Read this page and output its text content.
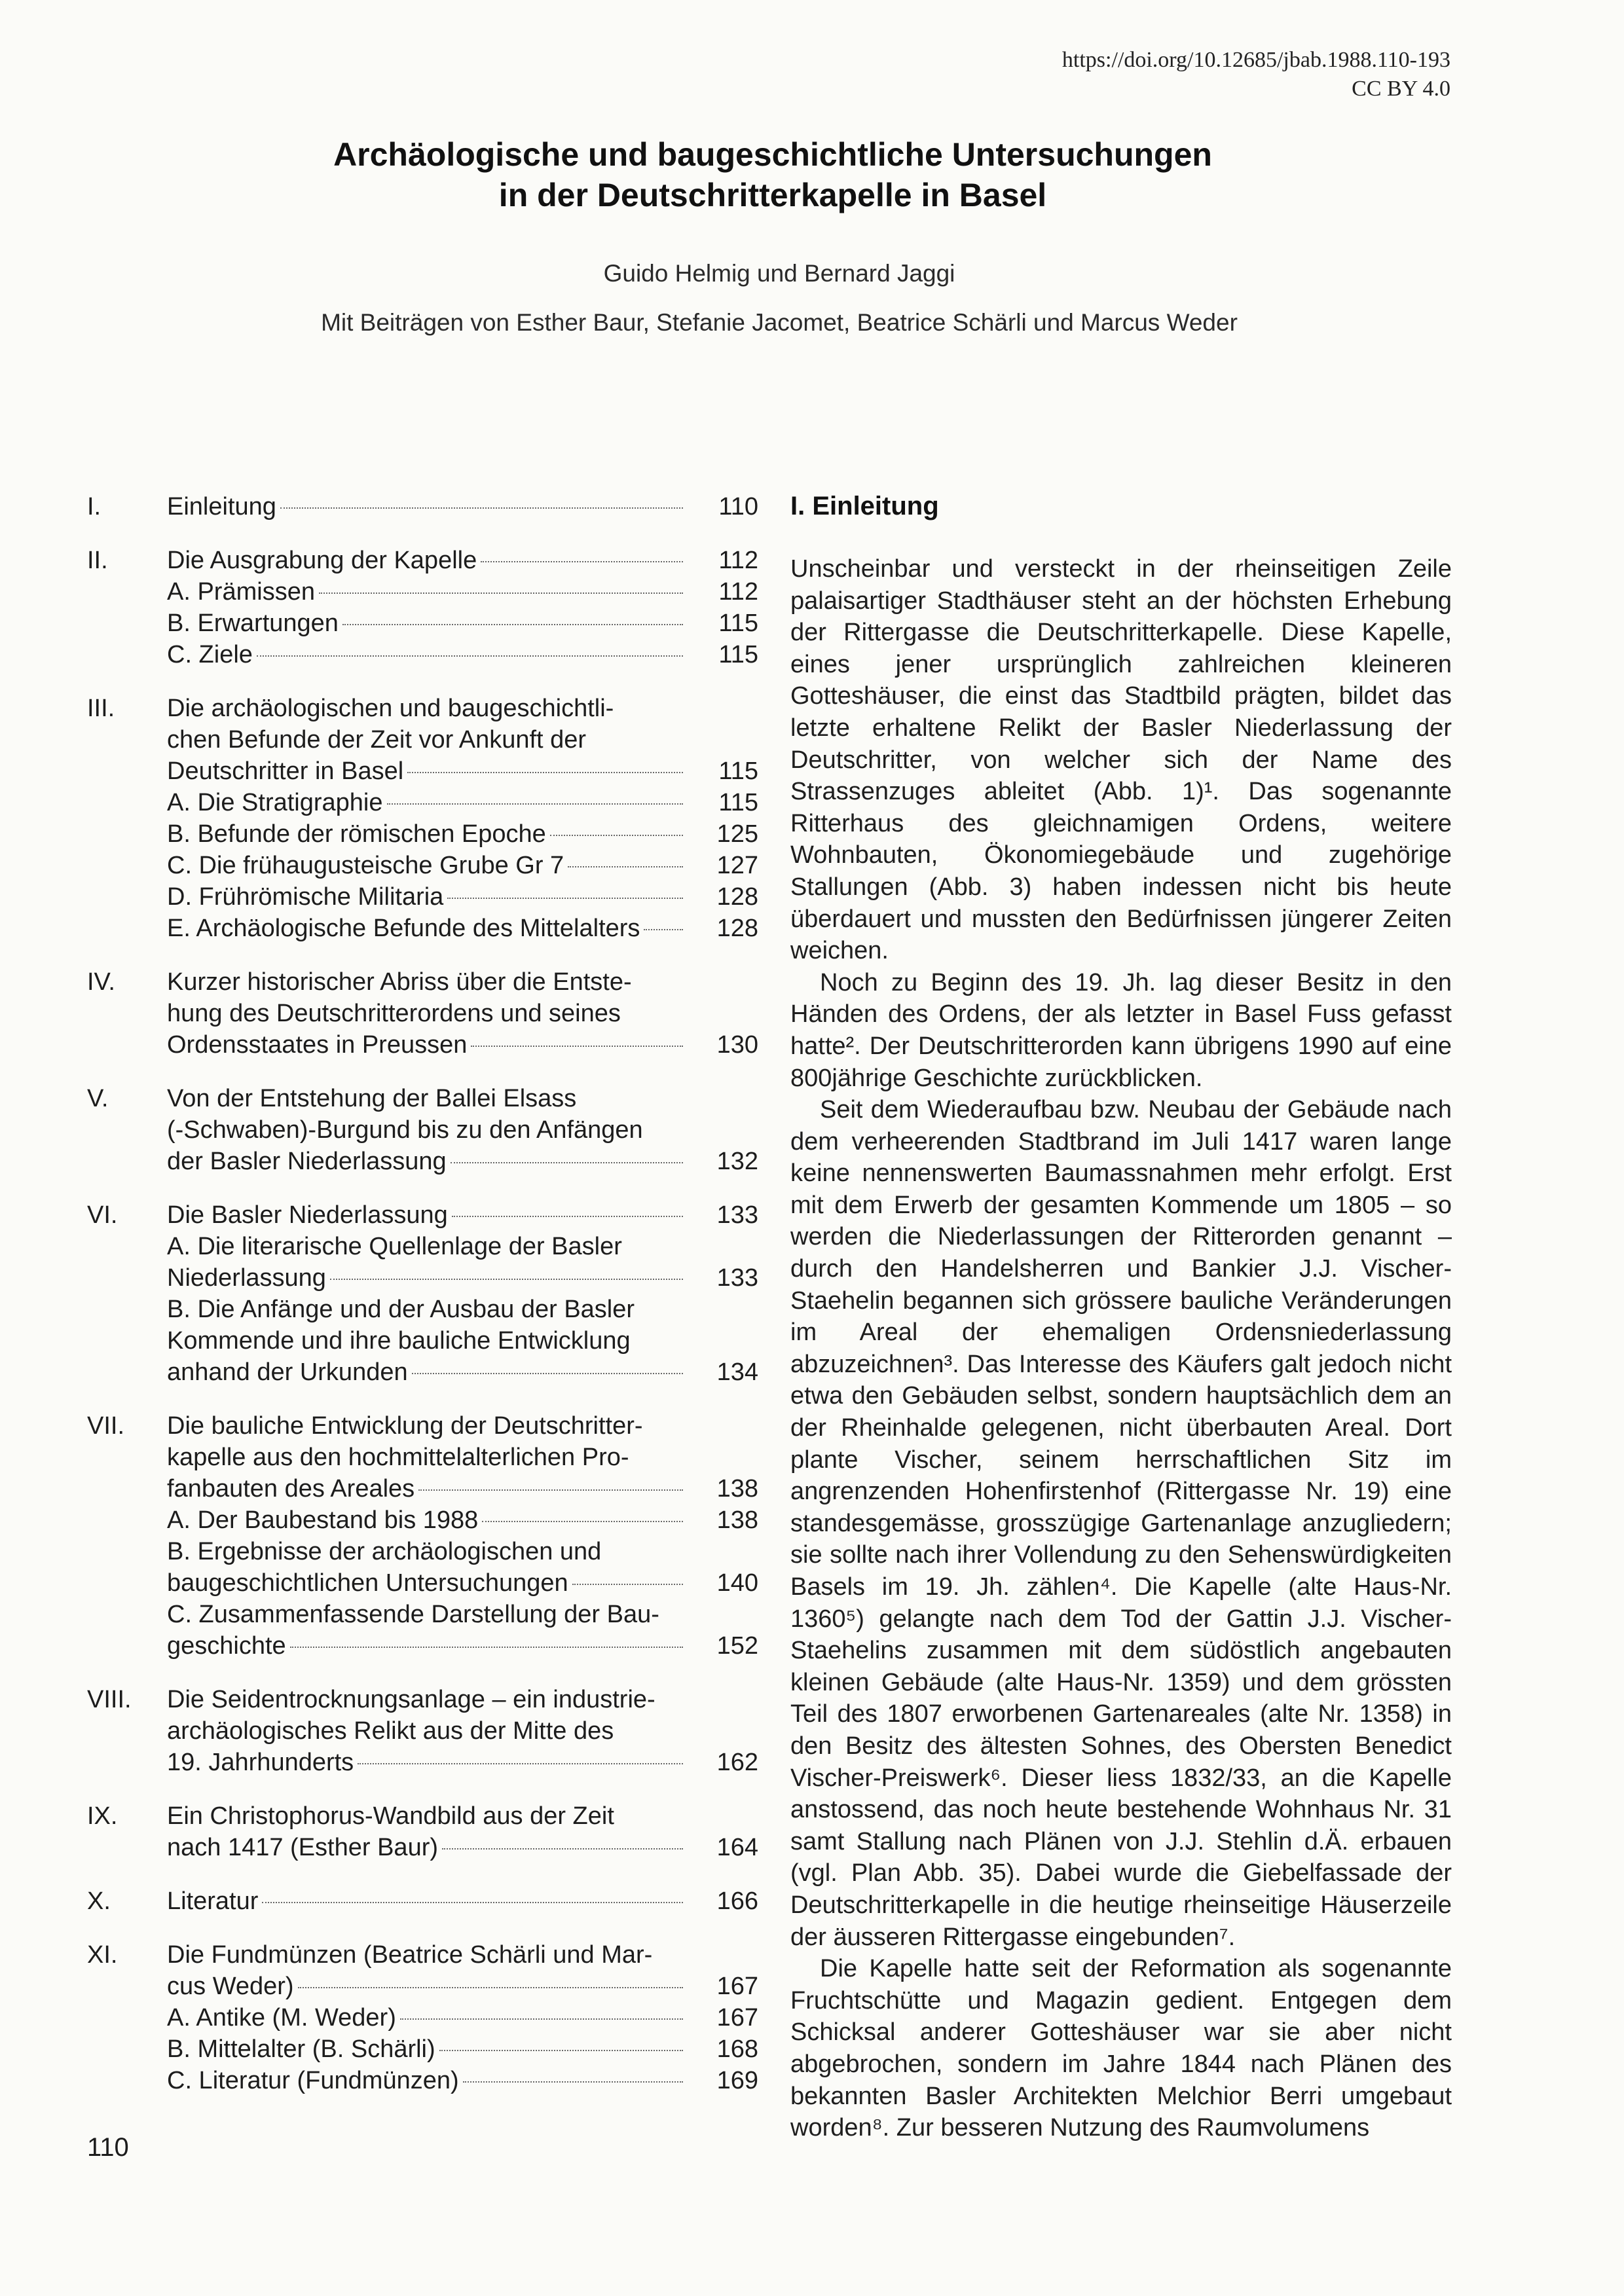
https://doi.org/10.12685/jbab.1988.110-193
CC BY 4.0
Archäologische und baugeschichtliche Untersuchungen
in der Deutschritterkapelle in Basel
Guido Helmig und Bernard Jaggi
Mit Beiträgen von Esther Baur, Stefanie Jacomet, Beatrice Schärli und Marcus Weder
I.	Einleitung	110
II.	Die Ausgrabung der Kapelle	112
A. Prämissen	112
B. Erwartungen	115
C. Ziele	115
III.	Die archäologischen und baugeschichtli-
chen Befunde der Zeit vor Ankunft der
Deutschritter in Basel	115
A. Die Stratigraphie	115
B. Befunde der römischen Epoche	125
C. Die frühaugusteische Grube Gr 7	127
D. Frührömische Militaria	128
E. Archäologische Befunde des Mittelalters	128
IV.	Kurzer historischer Abriss über die Entste-
hung des Deutschritterordens und seines
Ordensstaates in Preussen	130
V.	Von der Entstehung der Ballei Elsass
(-Schwaben)-Burgund bis zu den Anfängen
der Basler Niederlassung	132
VI.	Die Basler Niederlassung	133
A. Die literarische Quellenlage der Basler
Niederlassung	133
B. Die Anfänge und der Ausbau der Basler
Kommende und ihre bauliche Entwicklung
anhand der Urkunden	134
VII.	Die bauliche Entwicklung der Deutschritter-
kapelle aus den hochmittelalterlichen Pro-
fanbauten des Areales	138
A. Der Baubestand bis 1988	138
B. Ergebnisse der archäologischen und
baugeschichtlichen Untersuchungen	140
C. Zusammenfassende Darstellung der Bau-
geschichte	152
VIII.	Die Seidentrocknungsanlage – ein industrie-
archäologisches Relikt aus der Mitte des
19. Jahrhunderts	162
IX.	Ein Christophorus-Wandbild aus der Zeit
nach 1417 (Esther Baur)	164
X.	Literatur	166
XI.	Die Fundmünzen (Beatrice Schärli und Mar-
cus Weder)	167
A. Antike (M. Weder)	167
B. Mittelalter (B. Schärli)	168
C. Literatur (Fundmünzen)	169
I. Einleitung

Unscheinbar und versteckt in der rheinseitigen Zeile palaisartiger Stadthäuser steht an der höchsten Erhebung der Rittergasse die Deutschritterkapelle. Diese Kapelle, eines jener ursprünglich zahlreichen kleineren Gotteshäuser, die einst das Stadtbild prägten, bildet das letzte erhaltene Relikt der Basler Niederlassung der Deutschritter, von welcher sich der Name des Strassenzuges ableitet (Abb. 1)¹. Das sogenannte Ritterhaus des gleichnamigen Ordens, weitere Wohnbauten, Ökonomiegebäude und zugehörige Stallungen (Abb. 3) haben indessen nicht bis heute überdauert und mussten den Bedürfnissen jüngerer Zeiten weichen.

Noch zu Beginn des 19. Jh. lag dieser Besitz in den Händen des Ordens, der als letzter in Basel Fuss gefasst hatte². Der Deutschritterorden kann übrigens 1990 auf eine 800jährige Geschichte zurückblicken.

Seit dem Wiederaufbau bzw. Neubau der Gebäude nach dem verheerenden Stadtbrand im Juli 1417 waren lange keine nennenswerten Baumassnahmen mehr erfolgt. Erst mit dem Erwerb der gesamten Kommende um 1805 – so werden die Niederlassungen der Ritterorden genannt – durch den Handelsherren und Bankier J.J. Vischer-Staehelin begannen sich grössere bauliche Veränderungen im Areal der ehemaligen Ordensniederlassung abzuzeichnen³. Das Interesse des Käufers galt jedoch nicht etwa den Gebäuden selbst, sondern hauptsächlich dem an der Rheinhalde gelegenen, nicht überbauten Areal. Dort plante Vischer, seinem herrschaftlichen Sitz im angrenzenden Hohenfirstenhof (Rittergasse Nr. 19) eine standesgemässe, grosszügige Gartenanlage anzugliedern; sie sollte nach ihrer Vollendung zu den Sehenswürdigkeiten Basels im 19. Jh. zählen⁴. Die Kapelle (alte Haus-Nr. 1360⁵) gelangte nach dem Tod der Gattin J.J. Vischer-Staehelins zusammen mit dem südöstlich angebauten kleinen Gebäude (alte Haus-Nr. 1359) und dem grössten Teil des 1807 erworbenen Gartenareales (alte Nr. 1358) in den Besitz des ältesten Sohnes, des Obersten Benedict Vischer-Preiswerk⁶. Dieser liess 1832/33, an die Kapelle anstossend, das noch heute bestehende Wohnhaus Nr. 31 samt Stallung nach Plänen von J.J. Stehlin d.Ä. erbauen (vgl. Plan Abb. 35). Dabei wurde die Giebelfassade der Deutschritterkapelle in die heutige rheinseitige Häuserzeile der äusseren Rittergasse eingebunden⁷.

Die Kapelle hatte seit der Reformation als sogenannte Fruchtschütte und Magazin gedient. Entgegen dem Schicksal anderer Gotteshäuser war sie aber nicht abgebrochen, sondern im Jahre 1844 nach Plänen des bekannten Basler Architekten Melchior Berri umgebaut worden⁸. Zur besseren Nutzung des Raumvolumens

110
